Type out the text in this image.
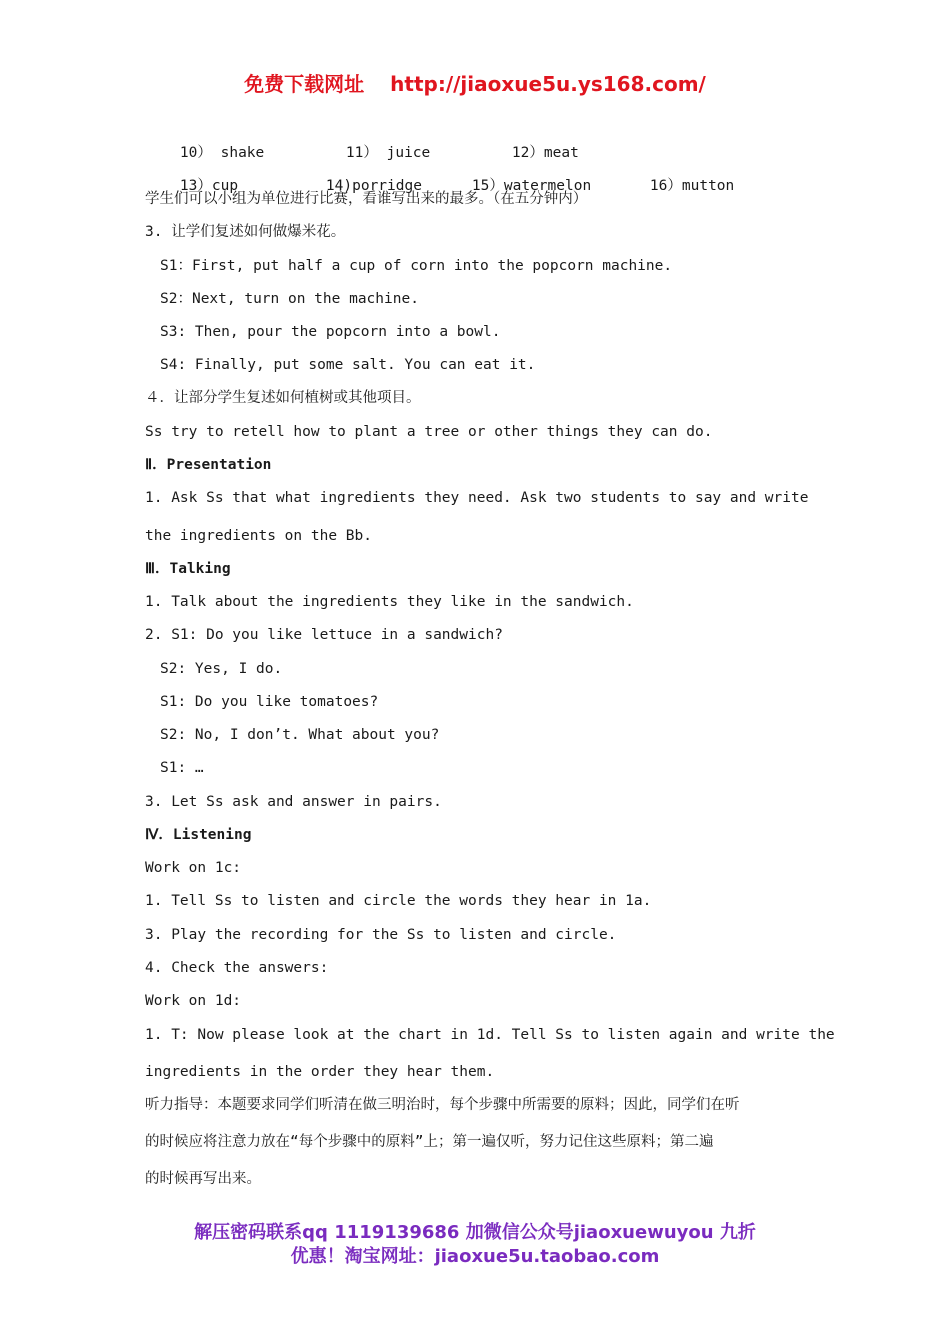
免费下载网址 http://jiaoxue5u.ys168.com/

10） shake	11） juice	12）meat

13）cup	14)porridge	15）watermelon	16）mutton

学生们可以小组为单位进行比赛，看谁写出来的最多。（在五分钟内）
3. 让学们复述如何做爆米花。
S1：First, put half a cup of corn into the popcorn machine.
S2：Next, turn on the machine.
S3: Then, pour the popcorn into a bowl.
S4: Finally, put some salt. You can eat it.
４．让部分学生复述如何植树或其他项目。
Ss try to retell how to plant a tree or other things they can do.
Ⅱ．Presentation
1. Ask Ss that what ingredients they need. Ask two students to say and write
the ingredients on the Bb.
Ⅲ．Talking
1. Talk about the ingredients they like in the sandwich.
2. S1: Do you like lettuce in a sandwich?
S2: Yes, I do.
S1: Do you like tomatoes?
S2: No, I don’t. What about you?
S1: …
3. Let Ss ask and answer in pairs.
Ⅳ．Listening
Work on 1c:
1. Tell Ss to listen and circle the words they hear in 1a.
3. Play the recording for the Ss to listen and circle.
4. Check the answers:
Work on 1d:
1. T: Now please look at the chart in 1d. Tell Ss to listen again and write the
ingredients in the order they hear them.
听力指导：本题要求同学们听清在做三明治时，每个步骤中所需要的原料；因此，同学们在听
的时候应将注意力放在“每个步骤中的原料”上；第一遍仅听，努力记住这些原料；第二遍
的时候再写出来。
解压密码联系qq 1119139686 加微信公众号jiaoxuewuyou 九折
优惠！淘宝网址：jiaoxue5u.taobao.com
